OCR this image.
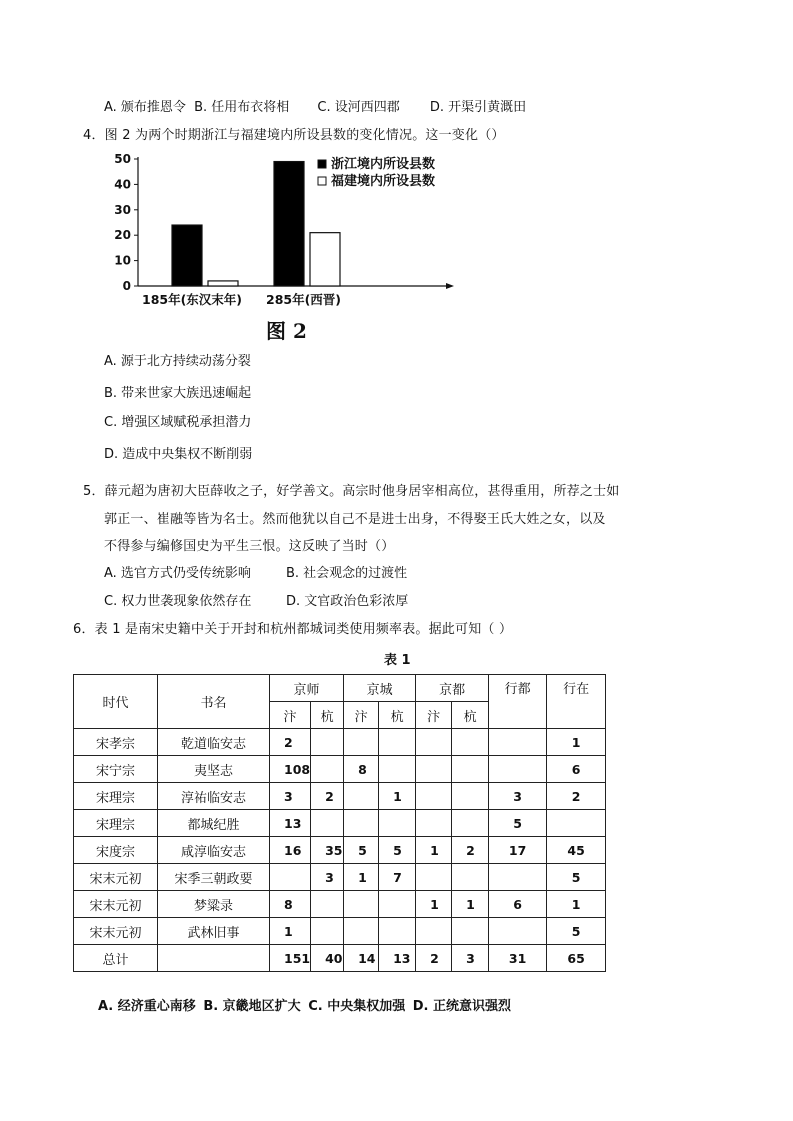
A. 颁布推恩令 B. 任用布衣将相 C. 设河西四郡 D. 开渠引黄溉田
4．图 2 为两个时期浙江与福建境内所设县数的变化情况。这一变化（）
0
10
20
30
40
50	浙江境内所设县数
福建境内所设县数
185年(东汉末年) 285年(西晋)
图 2
A. 源于北方持续动荡分裂
B. 带来世家大族迅速崛起
C. 增强区域赋税承担潜力
D. 造成中央集权不断削弱
5．薛元超为唐初大臣薛收之子，好学善文。高宗时他身居宰相高位，甚得重用，所荐之士如
郭正一、崔融等皆为名士。然而他犹以自己不是进士出身，不得娶王氏大姓之女，以及
不得参与编修国史为平生三恨。这反映了当时（）
A. 选官方式仍受传统影响	B. 社会观念的过渡性
C. 权力世袭现象依然存在	D. 文官政治色彩浓厚
6．表 1 是南宋史籍中关于开封和杭州都城词类使用频率表。据此可知（ ）
表 1
时代	书名	京师		京城		京都		行都	行在
		汴	杭	汴	杭	汴	杭		
宋孝宗	乾道临安志	2							1
宋宁宗	夷坚志	108		8					6
宋理宗	淳祐临安志	3	2		1			3	2
宋理宗	都城纪胜	13						5	
宋度宗	咸淳临安志	16	35	5	5	1	2	17	45
宋末元初	宋季三朝政要		3	1	7				5
宋末元初	梦粱录	8				1	1	6	1
宋末元初	武林旧事	1							5
总计		151	40	14	13	2	3	31	65
A. 经济重心南移 B. 京畿地区扩大 C. 中央集权加强 D. 正统意识强烈
